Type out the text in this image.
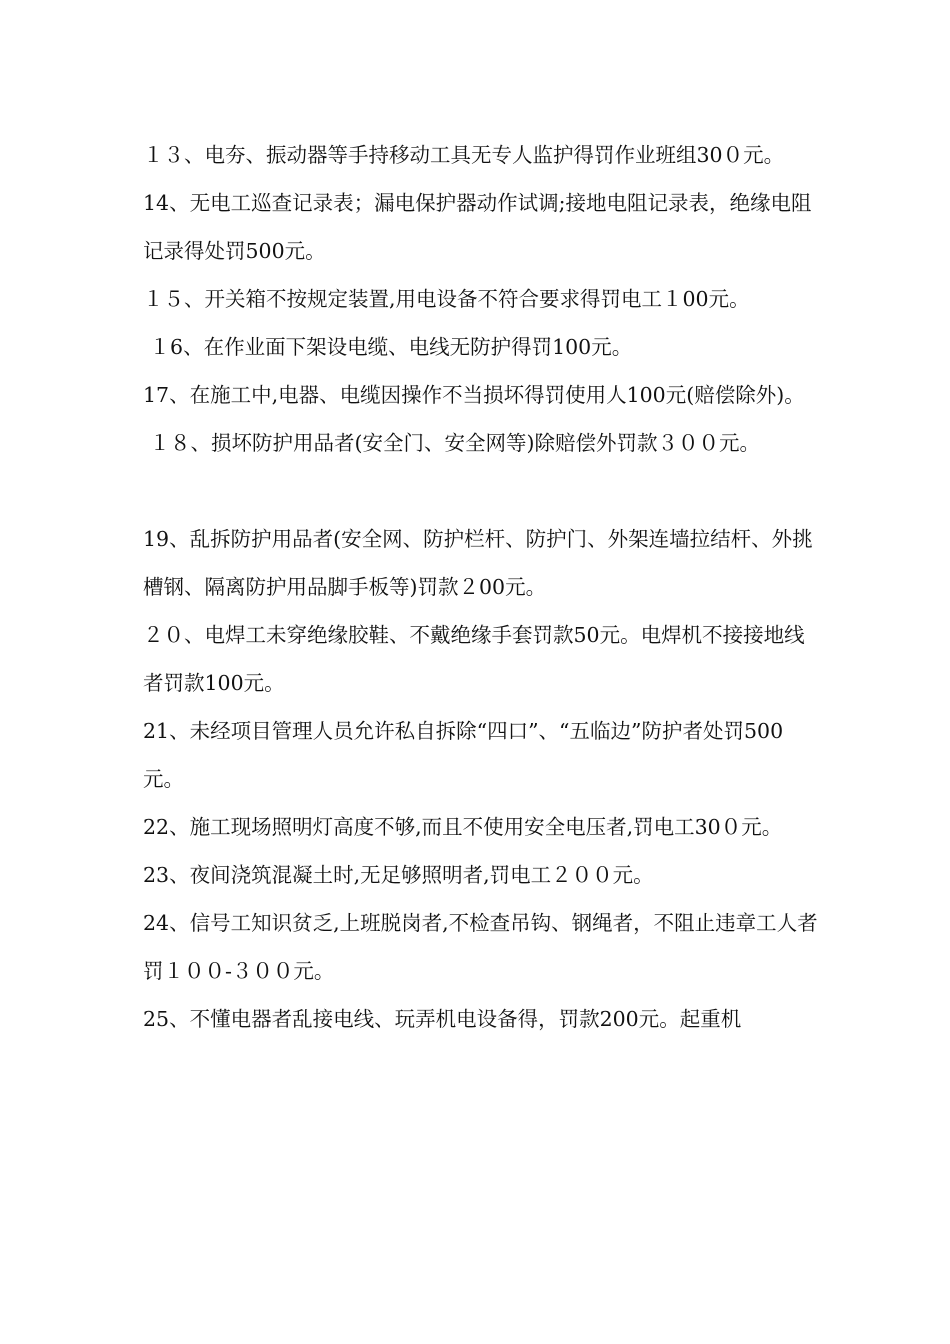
１３、电夯、振动器等手持移动工具无专人监护得罚作业班组30０元。

14、无电工巡查记录表；漏电保护器动作试调;接地电阻记录表，绝缘电阻记录得处罚500元。

１５、开关箱不按规定装置,用电设备不符合要求得罚电工１00元。

１6、在作业面下架设电缆、电线无防护得罚100元。

17、在施工中,电器、电缆因操作不当损坏得罚使用人100元(赔偿除外)。

１８、损坏防护用品者(安全门、安全网等)除赔偿外罚款３００元。

19、乱拆防护用品者(安全网、防护栏杆、防护门、外架连墙拉结杆、外挑槽钢、隔离防护用品脚手板等)罚款２00元。

２０、电焊工未穿绝缘胶鞋、不戴绝缘手套罚款50元。电焊机不接接地线者罚款100元。

21、未经项目管理人员允许私自拆除“四口”、“五临边”防护者处罚500元。

22、施工现场照明灯高度不够,而且不使用安全电压者,罚电工30０元。

23、夜间浇筑混凝土时,无足够照明者,罚电工２００元。

24、信号工知识贫乏,上班脱岗者,不检查吊钩、钢绳者，不阻止违章工人者罚１００-３００元。

25、不懂电器者乱接电线、玩弄机电设备得，罚款200元。起重机
